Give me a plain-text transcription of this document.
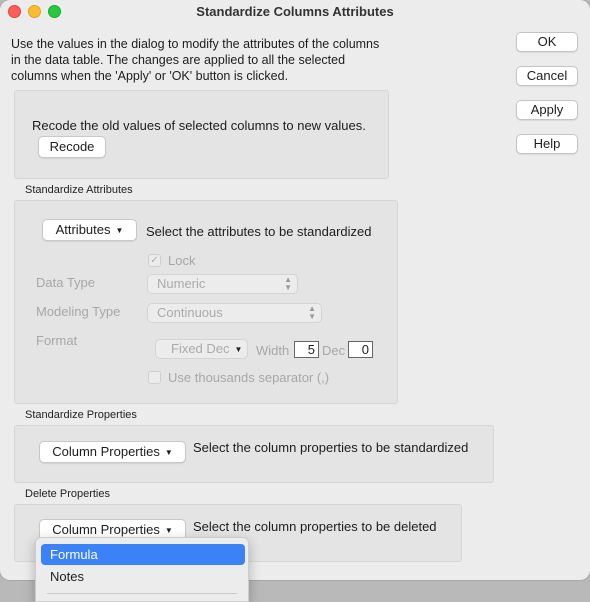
Standardize Columns Attributes
Use the values in the dialog to modify the attributes of the columns in the data table. The changes are applied to all the selected columns when the 'Apply' or 'OK' button is clicked.
OK
Cancel
Apply
Help
Recode the old values of selected columns to new values.
Recode
Standardize Attributes
Attributes ▼	Select the attributes to be standardized
✓ Lock
Data Type	Numeric	▲
▼
Modeling Type	Continuous	▲
▼
Format
Fixed Dec ▼	Width	5 Dec	0
Use thousands separator (,)
Standardize Properties
Column Properties ▼	Select the column properties to be standardized
Delete Properties
Column Properties ▼	Select the column properties to be deleted
Formula
Notes
